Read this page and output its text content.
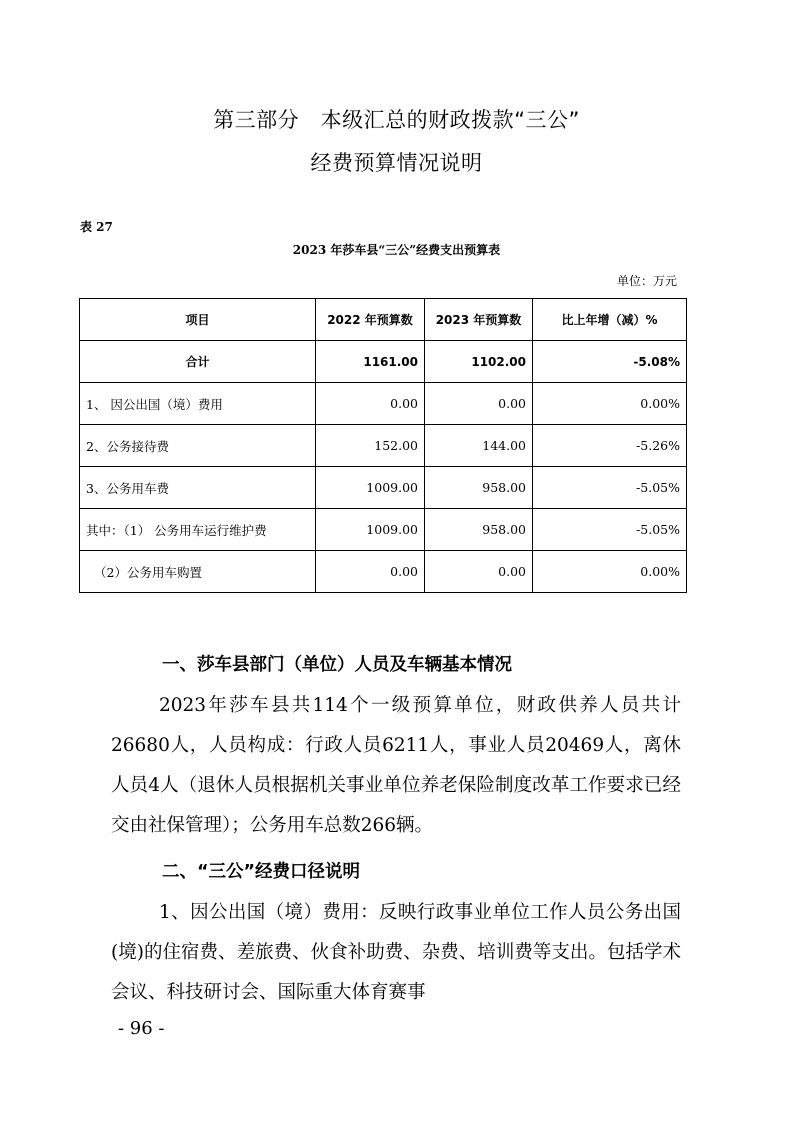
第三部分　本级汇总的财政拨款“三公”
经费预算情况说明
表 27
2023 年莎车县“三公”经费支出预算表
单位：万元
项目	2022 年预算数	2023 年预算数	比上年增（减）%
合计	1161.00	1102.00	-5.08%
1、 因公出国（境）费用	0.00	0.00	0.00%
2、公务接待费	152.00	144.00	-5.26%
3、公务用车费	1009.00	958.00	-5.05%
其中：（1） 公务用车运行维护费	1009.00	958.00	-5.05%
（2）公务用车购置	0.00	0.00	0.00%
一、莎车县部门（单位）人员及车辆基本情况
2023年莎车县共114个一级预算单位，财政供养人员共计26680人，人员构成：行政人员6211人，事业人员20469人，离休人员4人（退休人员根据机关事业单位养老保险制度改革工作要求已经交由社保管理）；公务用车总数266辆。
二、“三公”经费口径说明
1、因公出国（境）费用：反映行政事业单位工作人员公务出国(境)的住宿费、差旅费、伙食补助费、杂费、培训费等支出。包括学术会议、科技研讨会、国际重大体育赛事
- 96 -
